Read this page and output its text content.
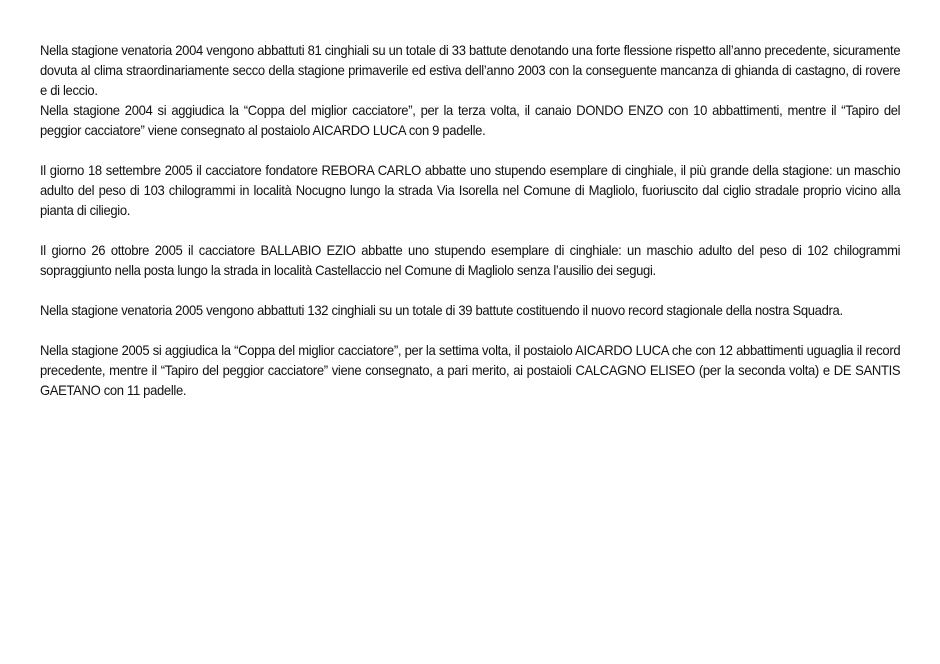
Nella stagione venatoria 2004 vengono abbattuti 81 cinghiali su un totale di 33 battute denotando una forte flessione rispetto all’anno precedente, sicuramente dovuta al clima straordinariamente secco della stagione primaverile ed estiva dell’anno 2003 con la conseguente mancanza di ghianda di castagno, di rovere e di leccio.

Nella stagione 2004 si aggiudica la “Coppa del miglior cacciatore”, per la terza volta, il canaio DONDO ENZO con 10 abbattimenti, mentre il “Tapiro del peggior cacciatore” viene consegnato al postaiolo AICARDO LUCA con 9 padelle.

Il giorno 18 settembre 2005 il cacciatore fondatore REBORA CARLO abbatte uno stupendo esemplare di cinghiale, il più grande della stagione: un maschio adulto del peso di 103 chilogrammi in località Nocugno lungo la strada Via Isorella nel Comune di Magliolo, fuoriuscito dal ciglio stradale proprio vicino alla pianta di ciliegio.

Il giorno 26 ottobre 2005 il cacciatore BALLABIO EZIO abbatte uno stupendo esemplare di cinghiale: un maschio adulto del peso di 102 chilogrammi sopraggiunto nella posta lungo la strada in località Castellaccio nel Comune di Magliolo senza l’ausilio dei segugi.

Nella stagione venatoria 2005 vengono abbattuti 132 cinghiali su un totale di 39 battute costituendo il nuovo record stagionale della nostra Squadra.

Nella stagione 2005 si aggiudica la “Coppa del miglior cacciatore”, per la settima volta, il postaiolo AICARDO LUCA che con 12 abbattimenti uguaglia il record precedente, mentre il “Tapiro del peggior cacciatore” viene consegnato, a pari merito, ai postaioli CALCAGNO ELISEO (per la seconda volta) e DE SANTIS GAETANO con 11 padelle.
